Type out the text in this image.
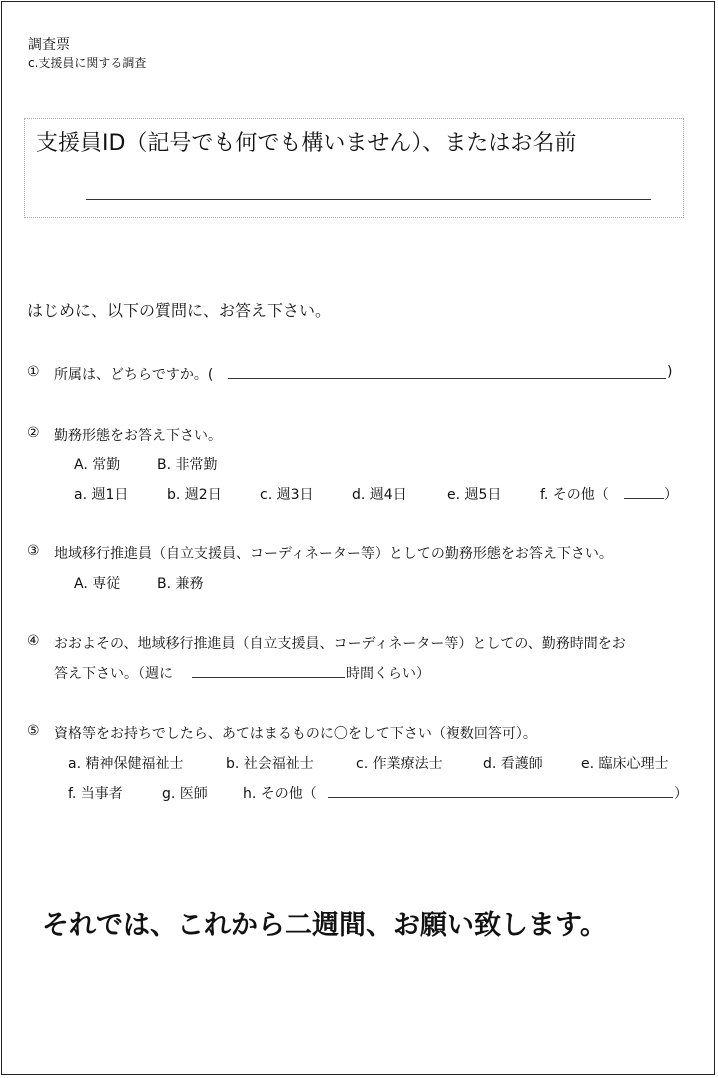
調査票
c.支援員に関する調査
支援員ID（記号でも何でも構いません）、またはお名前
はじめに、以下の質問に、お答え下さい。
① 所属は、どちらですか。(	)
② 勤務形態をお答え下さい。
A. 常勤	B. 非常勤
a. 週1日	b. 週2日	c. 週3日	d. 週4日	e. 週5日	f. その他（	）
③ 地域移行推進員（自立支援員、コーディネーター等）としての勤務形態をお答え下さい。
A. 専従	B. 兼務
④ おおよその、地域移行推進員（自立支援員、コーディネーター等）としての、勤務時間をお
答え下さい。（週に	時間くらい）
⑤ 資格等をお持ちでしたら、あてはまるものに〇をして下さい（複数回答可）。
a. 精神保健福祉士	b. 社会福祉士	c. 作業療法士	d. 看護師	e. 臨床心理士
f. 当事者	g. 医師	h. その他（	）
それでは、これから二週間、お願い致します。
